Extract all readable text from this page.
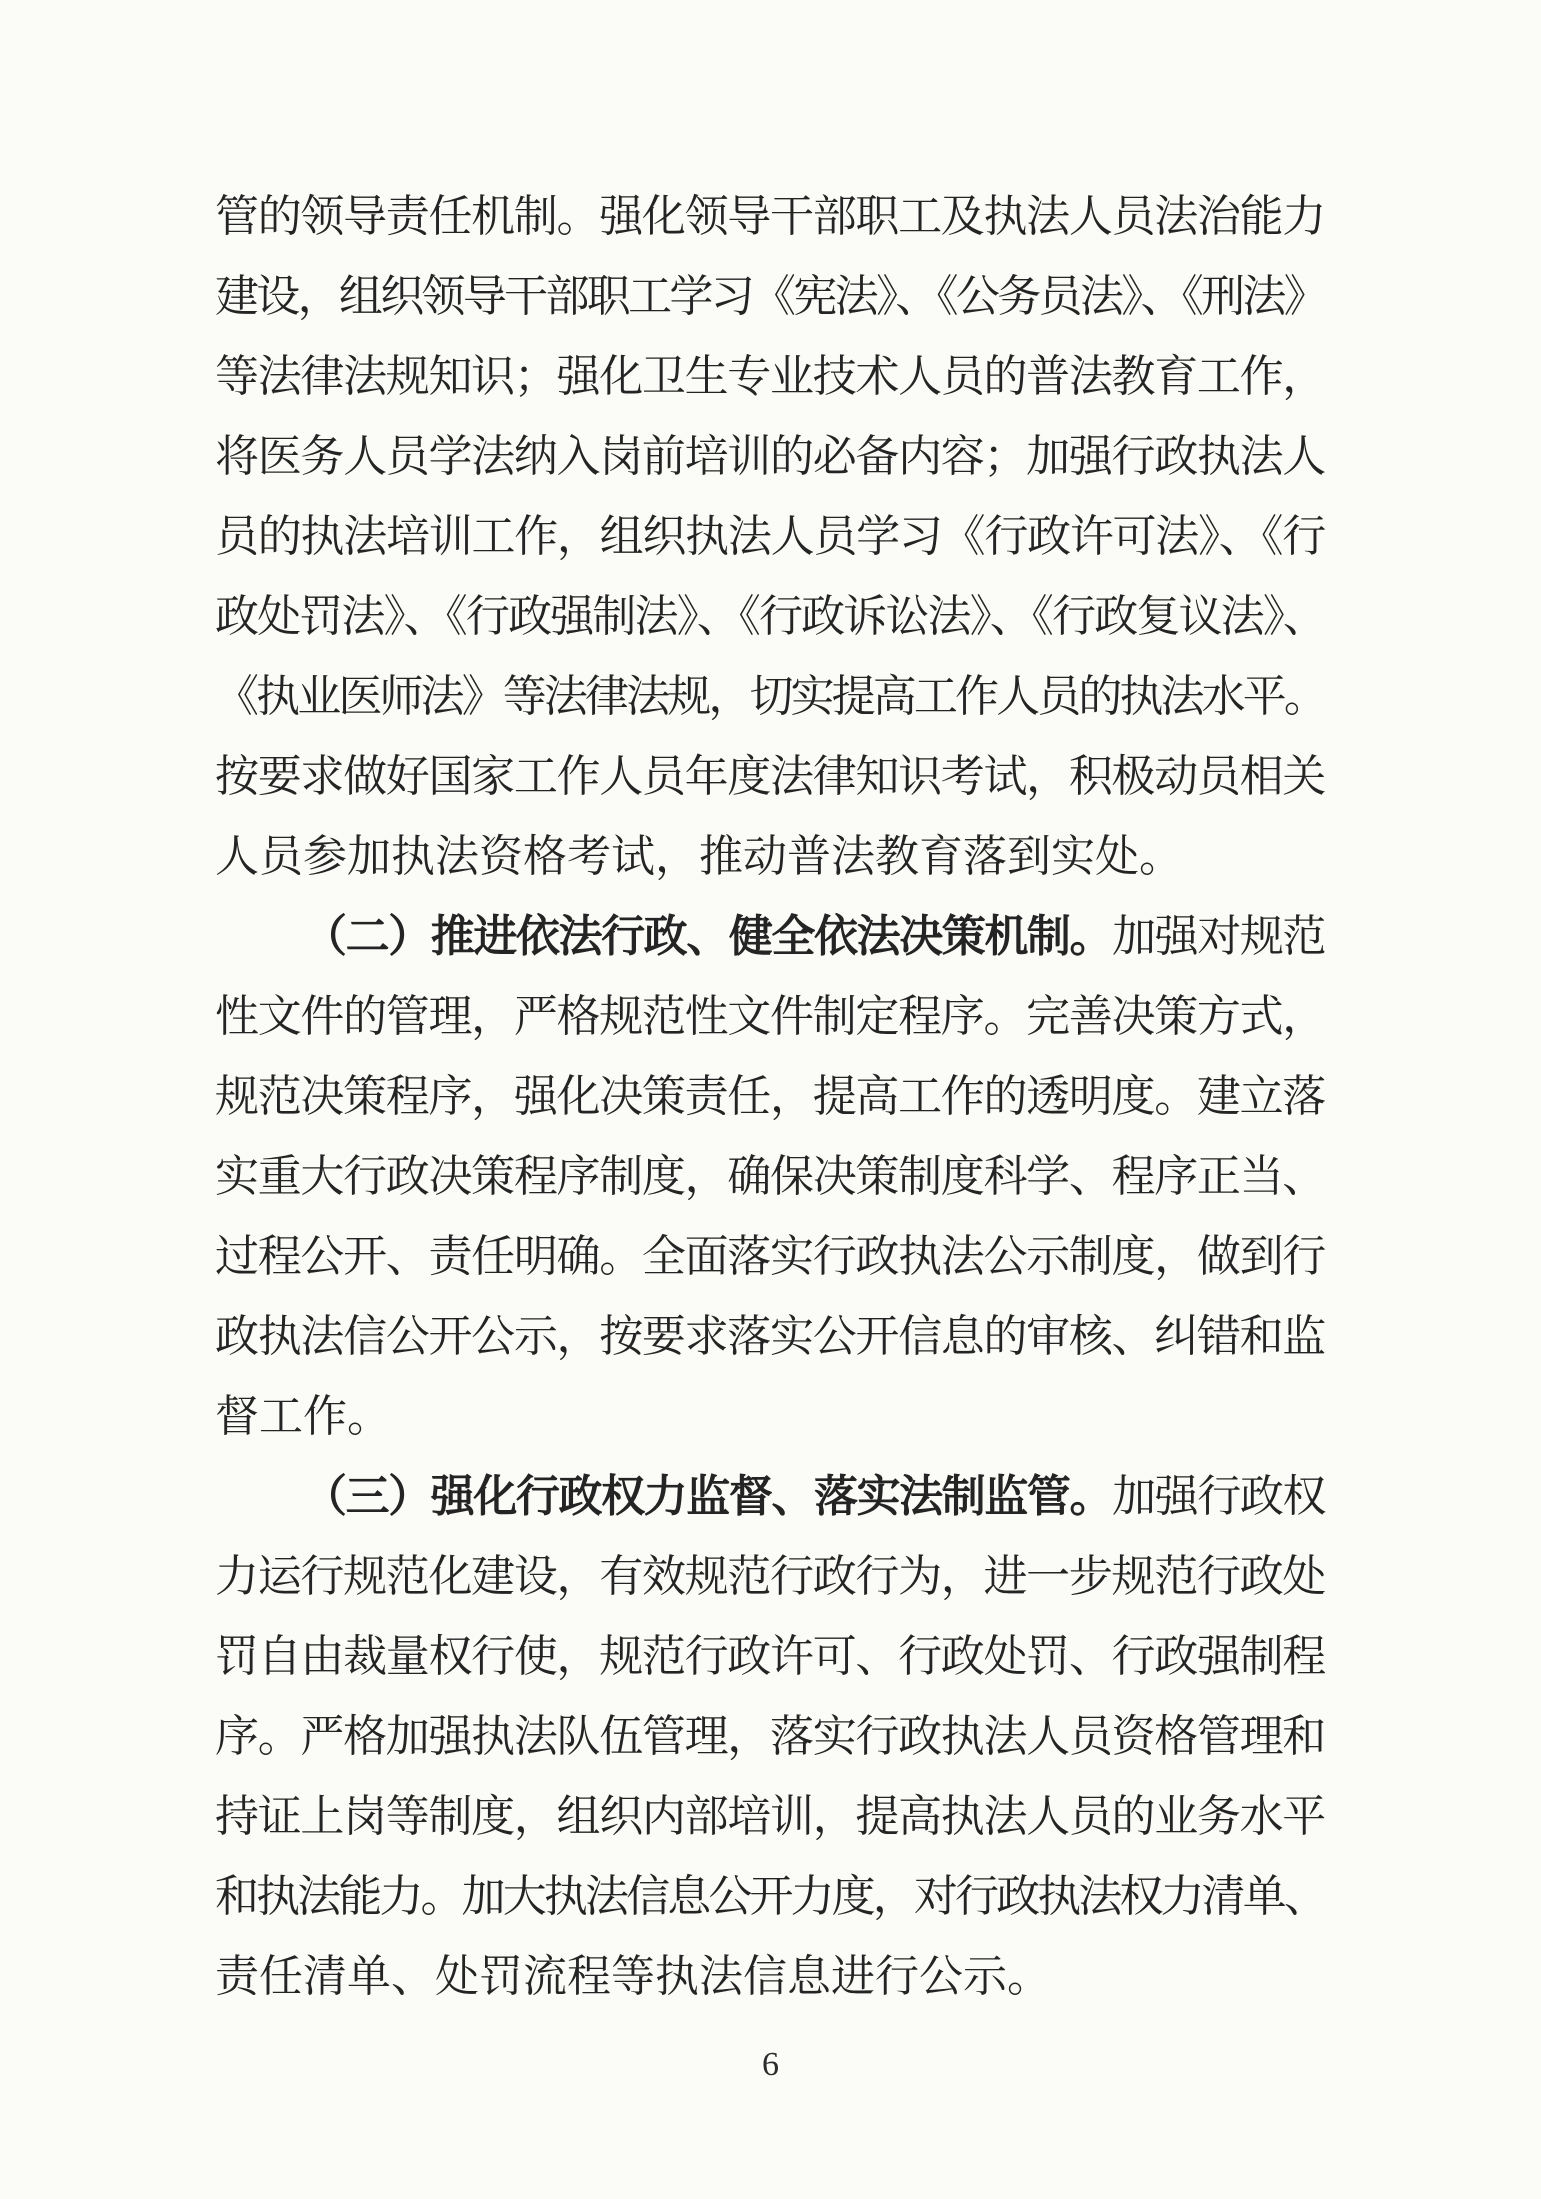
管的领导责任机制。强化领导干部职工及执法人员法治能力
建设，组织领导干部职工学习《宪法》、《公务员法》、《刑法》
等法律法规知识；强化卫生专业技术人员的普法教育工作，
将医务人员学法纳入岗前培训的必备内容；加强行政执法人
员的执法培训工作，组织执法人员学习《行政许可法》、《行
政处罚法》、《行政强制法》、《行政诉讼法》、《行政复议法》、
《执业医师法》等法律法规，切实提高工作人员的执法水平。
按要求做好国家工作人员年度法律知识考试，积极动员相关
人员参加执法资格考试，推动普法教育落到实处。
（二）推进依法行政、健全依法决策机制。加强对规范
性文件的管理，严格规范性文件制定程序。完善决策方式，
规范决策程序，强化决策责任，提高工作的透明度。建立落
实重大行政决策程序制度，确保决策制度科学、程序正当、
过程公开、责任明确。全面落实行政执法公示制度，做到行
政执法信公开公示，按要求落实公开信息的审核、纠错和监
督工作。
（三）强化行政权力监督、落实法制监管。加强行政权
力运行规范化建设，有效规范行政行为，进一步规范行政处
罚自由裁量权行使，规范行政许可、行政处罚、行政强制程
序。严格加强执法队伍管理，落实行政执法人员资格管理和
持证上岗等制度，组织内部培训，提高执法人员的业务水平
和执法能力。加大执法信息公开力度，对行政执法权力清单、
责任清单、处罚流程等执法信息进行公示。
6
